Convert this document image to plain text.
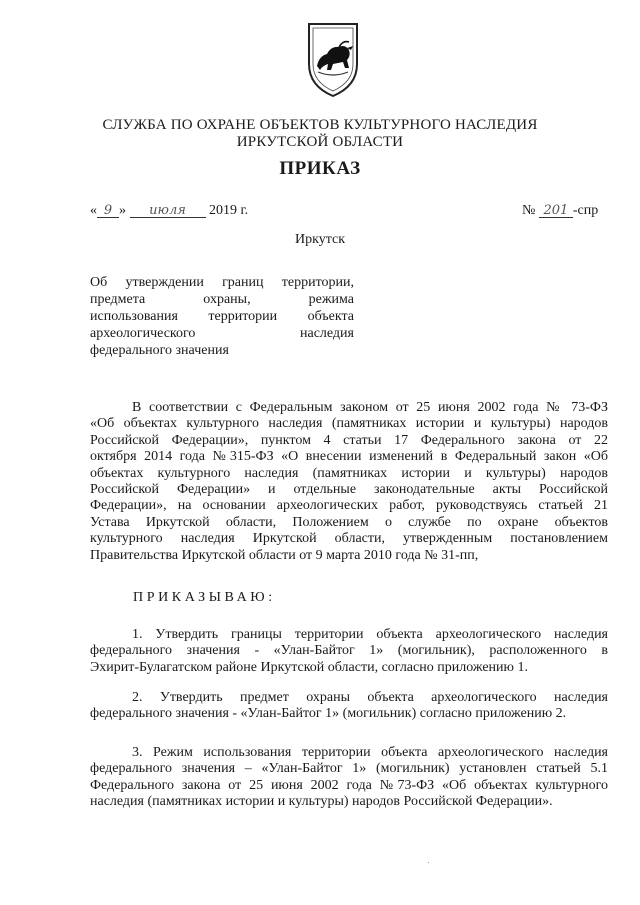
СЛУЖБА ПО ОХРАНЕ ОБЪЕКТОВ КУЛЬТУРНОГО НАСЛЕДИЯ
ИРКУТСКОЙ ОБЛАСТИ
ПРИКАЗ
« 9 » июля 2019 г.	№ 201 -спр
Иркутск
Об утверждении границ территории,
предмета охраны, режима
использования территории объекта
археологического наследия
федерального значения
В соответствии с Федеральным законом от 25 июня 2002 года № 73-ФЗ
«Об объектах культурного наследия (памятниках истории и культуры) народов
Российской Федерации», пунктом 4 статьи 17 Федерального закона от 22
октября 2014 года №315-ФЗ «О внесении изменений в Федеральный закон «Об
объектах культурного наследия (памятниках истории и культуры) народов
Российской Федерации» и отдельные законодательные акты Российской
Федерации», на основании археологических работ, руководствуясь статьей 21
Устава Иркутской области, Положением о службе по охране объектов
культурного наследия Иркутской области, утвержденным постановлением
Правительства Иркутской области от 9 марта 2010 года № 31-пп,
ПРИКАЗЫВАЮ:
1. Утвердить границы территории объекта археологического наследия
федерального значения - «Улан-Байтог 1» (могильник), расположенного в
Эхирит-Булагатском районе Иркутской области, согласно приложению 1.
2. Утвердить предмет охраны объекта археологического наследия
федерального значения - «Улан-Байтог 1» (могильник) согласно приложению 2.
3. Режим использования территории объекта археологического наследия
федерального значения – «Улан-Байтог 1» (могильник) установлен статьей 5.1
Федерального закона от 25 июня 2002 года №73-ФЗ «Об объектах культурного
наследия (памятниках истории и культуры) народов Российской Федерации».
